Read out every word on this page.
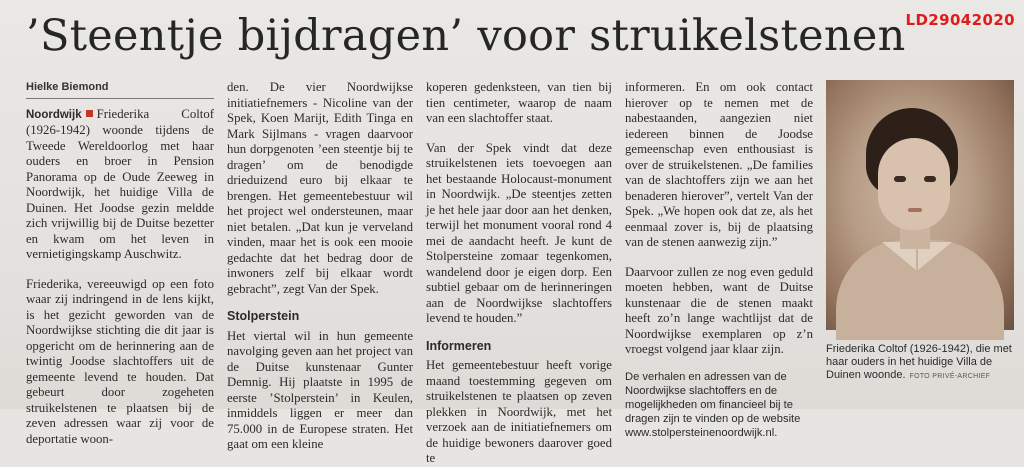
’Steentje bijdragen’ voor struikelstenen LD29042020
Hielke Biemond

Noordwijk Friederika Coltof (1926-1942) woonde tijdens de Tweede Wereldoorlog met haar ouders en broer in Pension Panorama op de Oude Zeeweg in Noordwijk, het huidige Villa de Duinen. Het Joodse gezin meldde zich vrijwillig bij de Duitse bezetter en kwam om het leven in vernietigingskamp Auschwitz.

Friederika, vereeuwigd op een foto waar zij indringend in de lens kijkt, is het gezicht geworden van de Noordwijkse stichting die dit jaar is opgericht om de herinnering aan de twintig Joodse slachtoffers uit de gemeente levend te houden. Dat gebeurt door zogeheten struikelstenen te plaatsen bij de zeven adressen waar zij voor de deportatie woon-

den. De vier Noordwijkse initiatiefnemers - Nicoline van der Spek, Koen Marijt, Edith Tinga en Mark Sijlmans - vragen daarvoor hun dorpgenoten ’een steentje bij te dragen’ om de benodigde drieduizend euro bij elkaar te brengen. Het gemeentebestuur wil het project wel ondersteunen, maar niet betalen. „Dat kun je verveland vinden, maar het is ook een mooie gedachte dat het bedrag door de inwoners zelf bij elkaar wordt gebracht”, zegt Van der Spek.

Stolperstein

Het viertal wil in hun gemeente navolging geven aan het project van de Duitse kunstenaar Gunter Demnig. Hij plaatste in 1995 de eerste ’Stolperstein’ in Keulen, inmiddels liggen er meer dan 75.000 in de Europese straten. Het gaat om een kleine

koperen gedenksteen, van tien bij tien centimeter, waarop de naam van een slachtoffer staat.

Van der Spek vindt dat deze struikelstenen iets toevoegen aan het bestaande Holocaust-monument in Noordwijk. „De steentjes zetten je het hele jaar door aan het denken, terwijl het monument vooral rond 4 mei de aandacht heeft. Je kunt de Stolpersteine zomaar tegenkomen, wandelend door je eigen dorp. Een subtiel gebaar om de herinneringen aan de Noordwijkse slachtoffers levend te houden.”

Informeren

Het gemeentebestuur heeft vorige maand toestemming gegeven om struikelstenen te plaatsen op zeven plekken in Noordwijk, met het verzoek aan de initiatiefnemers om de huidige bewoners daarover goed te

informeren. En om ook contact hierover op te nemen met de nabestaanden, aangezien niet iedereen binnen de Joodse gemeenschap even enthousiast is over de struikelstenen. „De families van de slachtoffers zijn we aan het benaderen hierover”, vertelt Van der Spek. „We hopen ook dat ze, als het eenmaal zover is, bij de plaatsing van de stenen aanwezig zijn.”

Daarvoor zullen ze nog even geduld moeten hebben, want de Duitse kunstenaar die de stenen maakt heeft zo’n lange wachtlijst dat de Noordwijkse exemplaren op z’n vroegst volgend jaar klaar zijn.

De verhalen en adressen van de Noordwijkse slachtoffers en de mogelijkheden om financieel bij te dragen zijn te vinden op de website www.stolpersteinenoordwijk.nl.

Friederika Coltof (1926-1942), die met haar ouders in het huidige Villa de Duinen woonde. FOTO PRIVÉ-ARCHIEF
